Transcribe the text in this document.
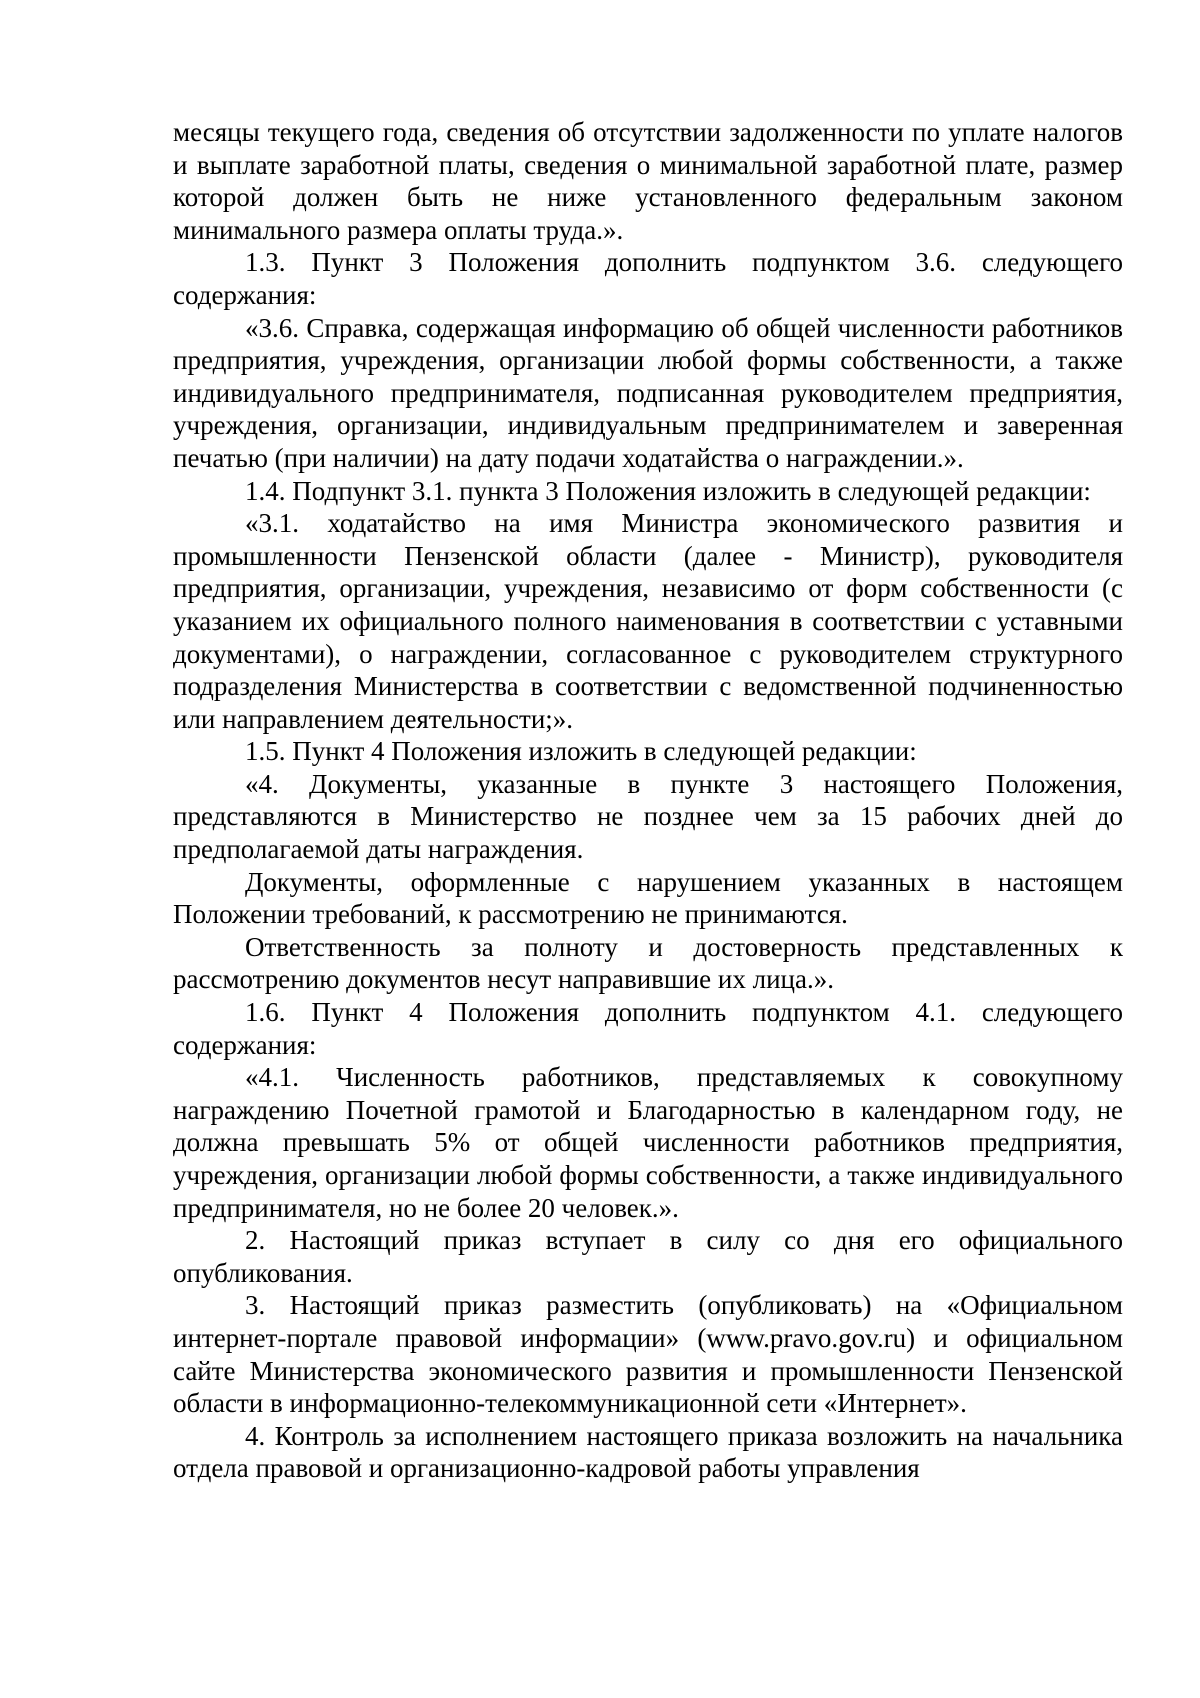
месяцы текущего года, сведения об отсутствии задолженности по уплате налогов и выплате заработной платы, сведения о минимальной заработной плате, размер которой должен быть не ниже установленного федеральным законом минимального размера оплаты труда.».

1.3. Пункт 3 Положения дополнить подпунктом 3.6. следующего содержания:

«3.6. Справка, содержащая информацию об общей численности работников предприятия, учреждения, организации любой формы собственности, а также индивидуального предпринимателя, подписанная руководителем предприятия, учреждения, организации, индивидуальным предпринимателем и заверенная печатью (при наличии) на дату подачи ходатайства о награждении.».

1.4. Подпункт 3.1. пункта 3 Положения изложить в следующей редакции:

«3.1. ходатайство на имя Министра экономического развития и промышленности Пензенской области (далее - Министр), руководителя предприятия, организации, учреждения, независимо от форм собственности (с указанием их официального полного наименования в соответствии с уставными документами), о награждении, согласованное с руководителем структурного подразделения Министерства в соответствии с ведомственной подчиненностью или направлением деятельности;».

1.5. Пункт 4 Положения изложить в следующей редакции:

«4. Документы, указанные в пункте 3 настоящего Положения, представляются в Министерство не позднее чем за 15 рабочих дней до предполагаемой даты награждения.

Документы, оформленные с нарушением указанных в настоящем Положении требований, к рассмотрению не принимаются.

Ответственность за полноту и достоверность представленных к рассмотрению документов несут направившие их лица.».

1.6. Пункт 4 Положения дополнить подпунктом 4.1. следующего содержания:

«4.1. Численность работников, представляемых к совокупному награждению Почетной грамотой и Благодарностью в календарном году, не должна превышать 5% от общей численности работников предприятия, учреждения, организации любой формы собственности, а также индивидуального предпринимателя, но не более 20 человек.».

2. Настоящий приказ вступает в силу со дня его официального опубликования.

3. Настоящий приказ разместить (опубликовать) на «Официальном интернет-портале правовой информации» (www.pravo.gov.ru) и официальном сайте Министерства экономического развития и промышленности Пензенской области в информационно-телекоммуникационной сети «Интернет».

4. Контроль за исполнением настоящего приказа возложить на начальника отдела правовой и организационно-кадровой работы управления
